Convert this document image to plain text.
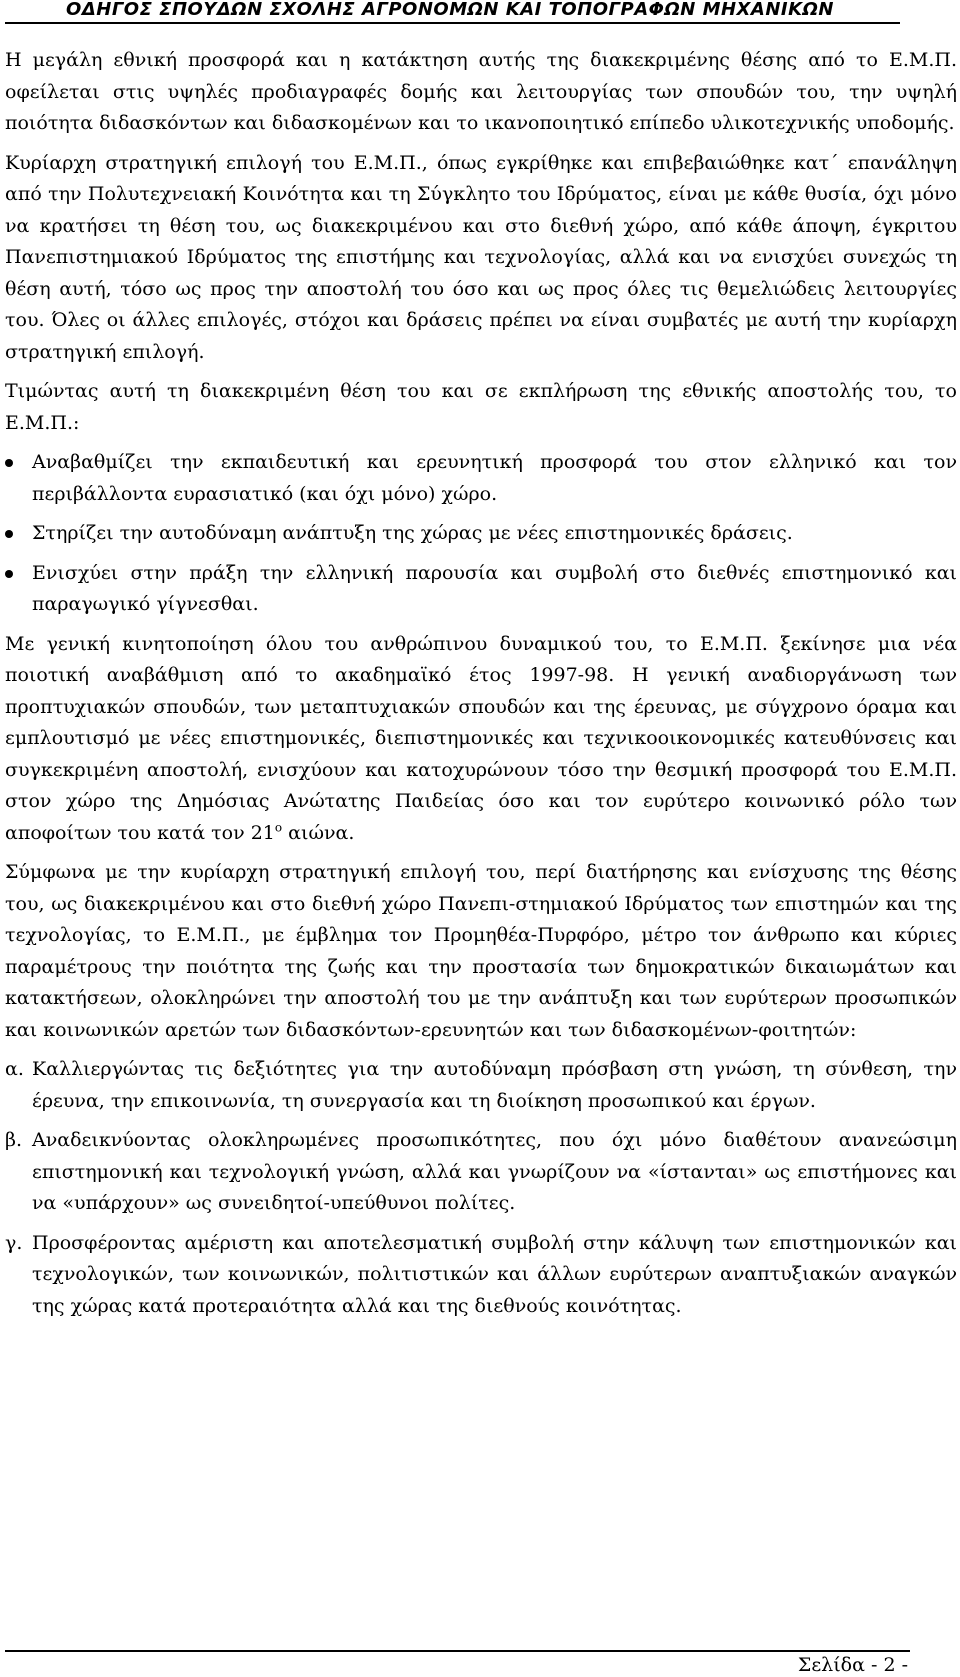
ΟΔΗΓΟΣ ΣΠΟΥΔΩΝ ΣΧΟΛΗΣ ΑΓΡΟΝΟΜΩΝ ΚΑΙ ΤΟΠΟΓΡΑΦΩΝ ΜΗΧΑΝΙΚΩΝ

Η μεγάλη εθνική προσφορά και η κατάκτηση αυτής της διακεκριμένης θέσης από το Ε.Μ.Π. οφείλεται στις υψηλές προδιαγραφές δομής και λειτουργίας των σπουδών του, την υψηλή ποιότητα διδασκόντων και διδασκομένων και το ικανοποιητικό επίπεδο υλικοτεχνικής υποδομής.

Κυρίαρχη στρατηγική επιλογή του Ε.Μ.Π., όπως εγκρίθηκε και επιβεβαιώθηκε κατ΄ επανάληψη από την Πολυτεχνειακή Κοινότητα και τη Σύγκλητο του Ιδρύματος, είναι με κάθε θυσία, όχι μόνο να κρατήσει τη θέση του, ως διακεκριμένου και στο διεθνή χώρο, από κάθε άποψη, έγκριτου Πανεπιστημιακού Ιδρύματος της επιστήμης και τεχνολογίας, αλλά και να ενισχύει συνεχώς τη θέση αυτή, τόσο ως προς την αποστολή του όσο και ως προς όλες τις θεμελιώδεις λειτουργίες του. Όλες οι άλλες επιλογές, στόχοι και δράσεις πρέπει να είναι συμβατές με αυτή την κυρίαρχη στρατηγική επιλογή.

Τιμώντας αυτή τη διακεκριμένη θέση του και σε εκπλήρωση της εθνικής αποστολής του, το Ε.Μ.Π.:

Αναβαθμίζει την εκπαιδευτική και ερευνητική προσφορά του στον ελληνικό και τον περιβάλλοντα ευρασιατικό (και όχι μόνο) χώρο.
Στηρίζει την αυτοδύναμη ανάπτυξη της χώρας με νέες επιστημονικές δράσεις.
Ενισχύει στην πράξη την ελληνική παρουσία και συμβολή στο διεθνές επιστημονικό και παραγωγικό γίγνεσθαι.

Με γενική κινητοποίηση όλου του ανθρώπινου δυναμικού του, το Ε.Μ.Π. ξεκίνησε μια νέα ποιοτική αναβάθμιση από το ακαδημαϊκό έτος 1997-98. Η γενική αναδιοργάνωση των προπτυχιακών σπουδών, των μεταπτυχιακών σπουδών και της έρευνας, με σύγχρονο όραμα και εμπλουτισμό με νέες επιστημονικές, διεπιστημονικές και τεχνικοοικονομικές κατευθύνσεις και συγκεκριμένη αποστολή, ενισχύουν και κατοχυρώνουν τόσο την θεσμική προσφορά του Ε.Μ.Π. στον χώρο της Δημόσιας Ανώτατης Παιδείας όσο και τον ευρύτερο κοινωνικό ρόλο των αποφοίτων του κατά τον $21^o$ αιώνα.

Σύμφωνα με την κυρίαρχη στρατηγική επιλογή του, περί διατήρησης και ενίσχυσης της θέσης του, ως διακεκριμένου και στο διεθνή χώρο Πανεπι-στημιακού Ιδρύματος των επιστημών και της τεχνολογίας, το Ε.Μ.Π., με έμβλημα τον Προμηθέα-Πυρφόρο, μέτρο τον άνθρωπο και κύριες παραμέτρους την ποιότητα της ζωής και την προστασία των δημοκρατικών δικαιωμάτων και κατακτήσεων, ολοκληρώνει την αποστολή του με την ανάπτυξη και των ευρύτερων προσωπικών και κοινωνικών αρετών των διδασκόντων-ερευνητών και των διδασκομένων-φοιτητών:

α. Καλλιεργώντας τις δεξιότητες για την αυτοδύναμη πρόσβαση στη γνώση, τη σύνθεση, την έρευνα, την επικοινωνία, τη συνεργασία και τη διοίκηση προσωπικού και έργων.
β. Αναδεικνύοντας ολοκληρωμένες προσωπικότητες, που όχι μόνο διαθέτουν ανανεώσιμη επιστημονική και τεχνολογική γνώση, αλλά και γνωρίζουν να «ίστανται» ως επιστήμονες και να «υπάρχουν» ως συνειδητοί-υπεύθυνοι πολίτες.
γ. Προσφέροντας αμέριστη και αποτελεσματική συμβολή στην κάλυψη των επιστημονικών και τεχνολογικών, των κοινωνικών, πολιτιστικών και άλλων ευρύτερων αναπτυξιακών αναγκών της χώρας κατά προτεραιότητα αλλά και της διεθνούς κοινότητας.
Σελίδα - 2 -
